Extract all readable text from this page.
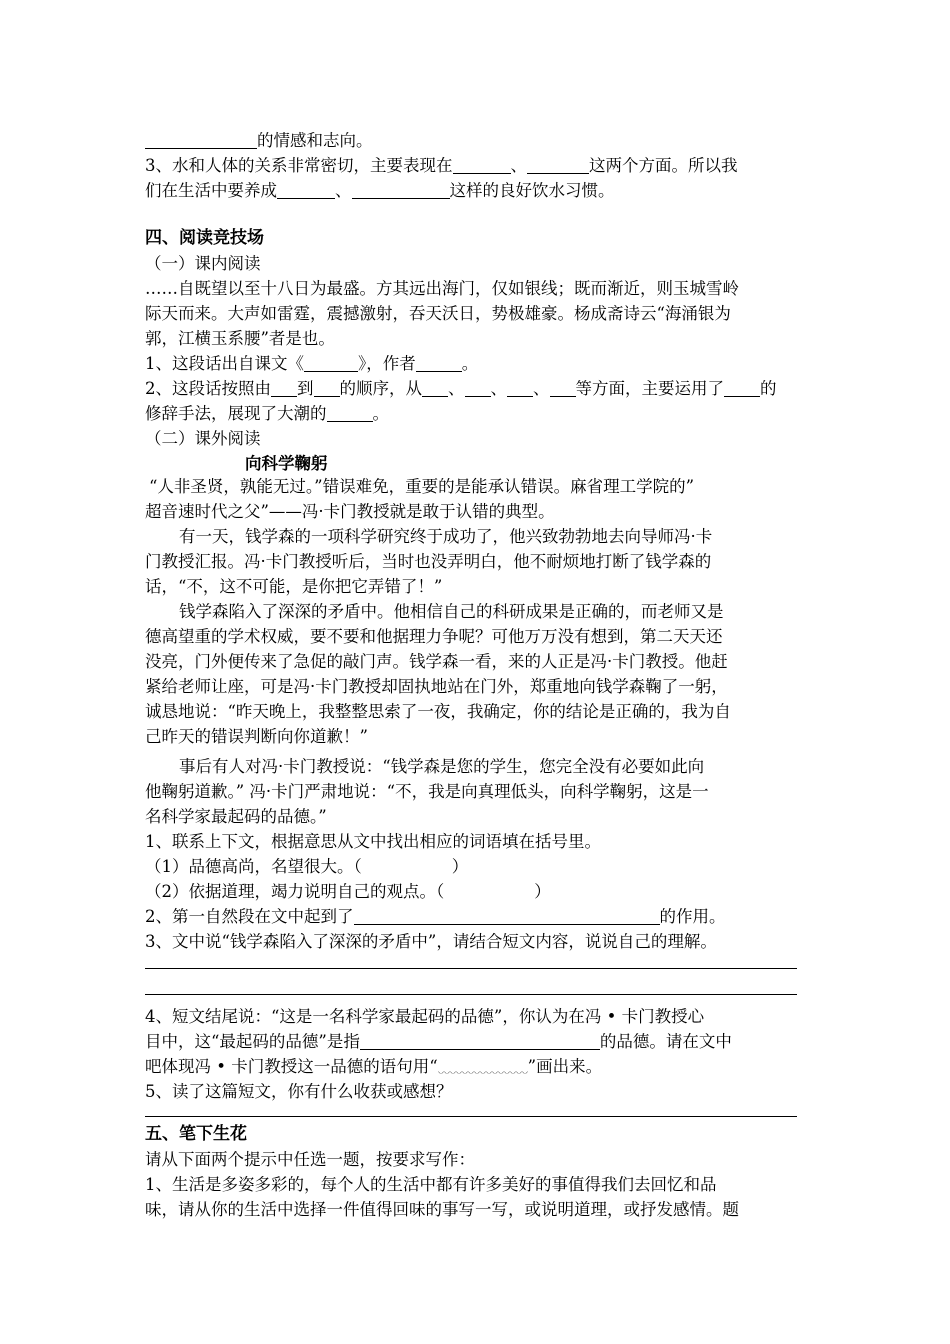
的情感和志向。
3、水和人体的关系非常密切，主要表现在	、	这两个方面。所以我
们在生活中要养成	、	这样的良好饮水习惯。
四、阅读竞技场
（一）课内阅读
……自既望以至十八日为最盛。方其远出海门，仅如银线；既而渐近，则玉城雪岭
际天而来。大声如雷霆，震撼激射，吞天沃日，势极雄豪。杨成斋诗云“海涌银为
郭，江横玉系腰”者是也。
1、这段话出自课文《	》，作者	。
2、这段话按照由 到 的顺序，从 、 、 、 等方面，主要运用了 的
修辞手法，展现了大潮的	。
（二）课外阅读
向科学鞠躬
“人非圣贤，孰能无过。”错误难免，重要的是能承认错误。麻省理工学院的”
超音速时代之父”——冯·卡门教授就是敢于认错的典型。
有一天，钱学森的一项科学研究终于成功了，他兴致勃勃地去向导师冯·卡
门教授汇报。冯·卡门教授听后，当时也没弄明白，他不耐烦地打断了钱学森的
话，“不，这不可能，是你把它弄错了！”
钱学森陷入了深深的矛盾中。他相信自己的科研成果是正确的，而老师又是
德高望重的学术权威，要不要和他据理力争呢？可他万万没有想到，第二天天还
没亮，门外便传来了急促的敲门声。钱学森一看，来的人正是冯·卡门教授。他赶
紧给老师让座，可是冯·卡门教授却固执地站在门外，郑重地向钱学森鞠了一躬，
诚恳地说：“昨天晚上，我整整思索了一夜，我确定，你的结论是正确的，我为自
己昨天的错误判断向你道歉！”
事后有人对冯·卡门教授说：“钱学森是您的学生，您完全没有必要如此向
他鞠躬道歉。” 冯·卡门严肃地说：“不，我是向真理低头，向科学鞠躬，这是一
名科学家最起码的品德。”
1、联系上下文，根据意思从文中找出相应的词语填在括号里。
（1）品德高尚，名望很大。（	）
（2）依据道理，竭力说明自己的观点。（	）
2、第一自然段在文中起到了	的作用。
3、文中说“钱学森陷入了深深的矛盾中”，请结合短文内容，说说自己的理解。
4、短文结尾说：“这是一名科学家最起码的品德”，你认为在冯 • 卡门教授心
目中，这“最起码的品德”是指	的品德。请在文中
吧体现冯 • 卡门教授这一品德的语句用“	”画出来。
5、读了这篇短文，你有什么收获或感想？
五、笔下生花
请从下面两个提示中任选一题，按要求写作：
1、生活是多姿多彩的，每个人的生活中都有许多美好的事值得我们去回忆和品
味，请从你的生活中选择一件值得回味的事写一写，或说明道理，或抒发感情。题
